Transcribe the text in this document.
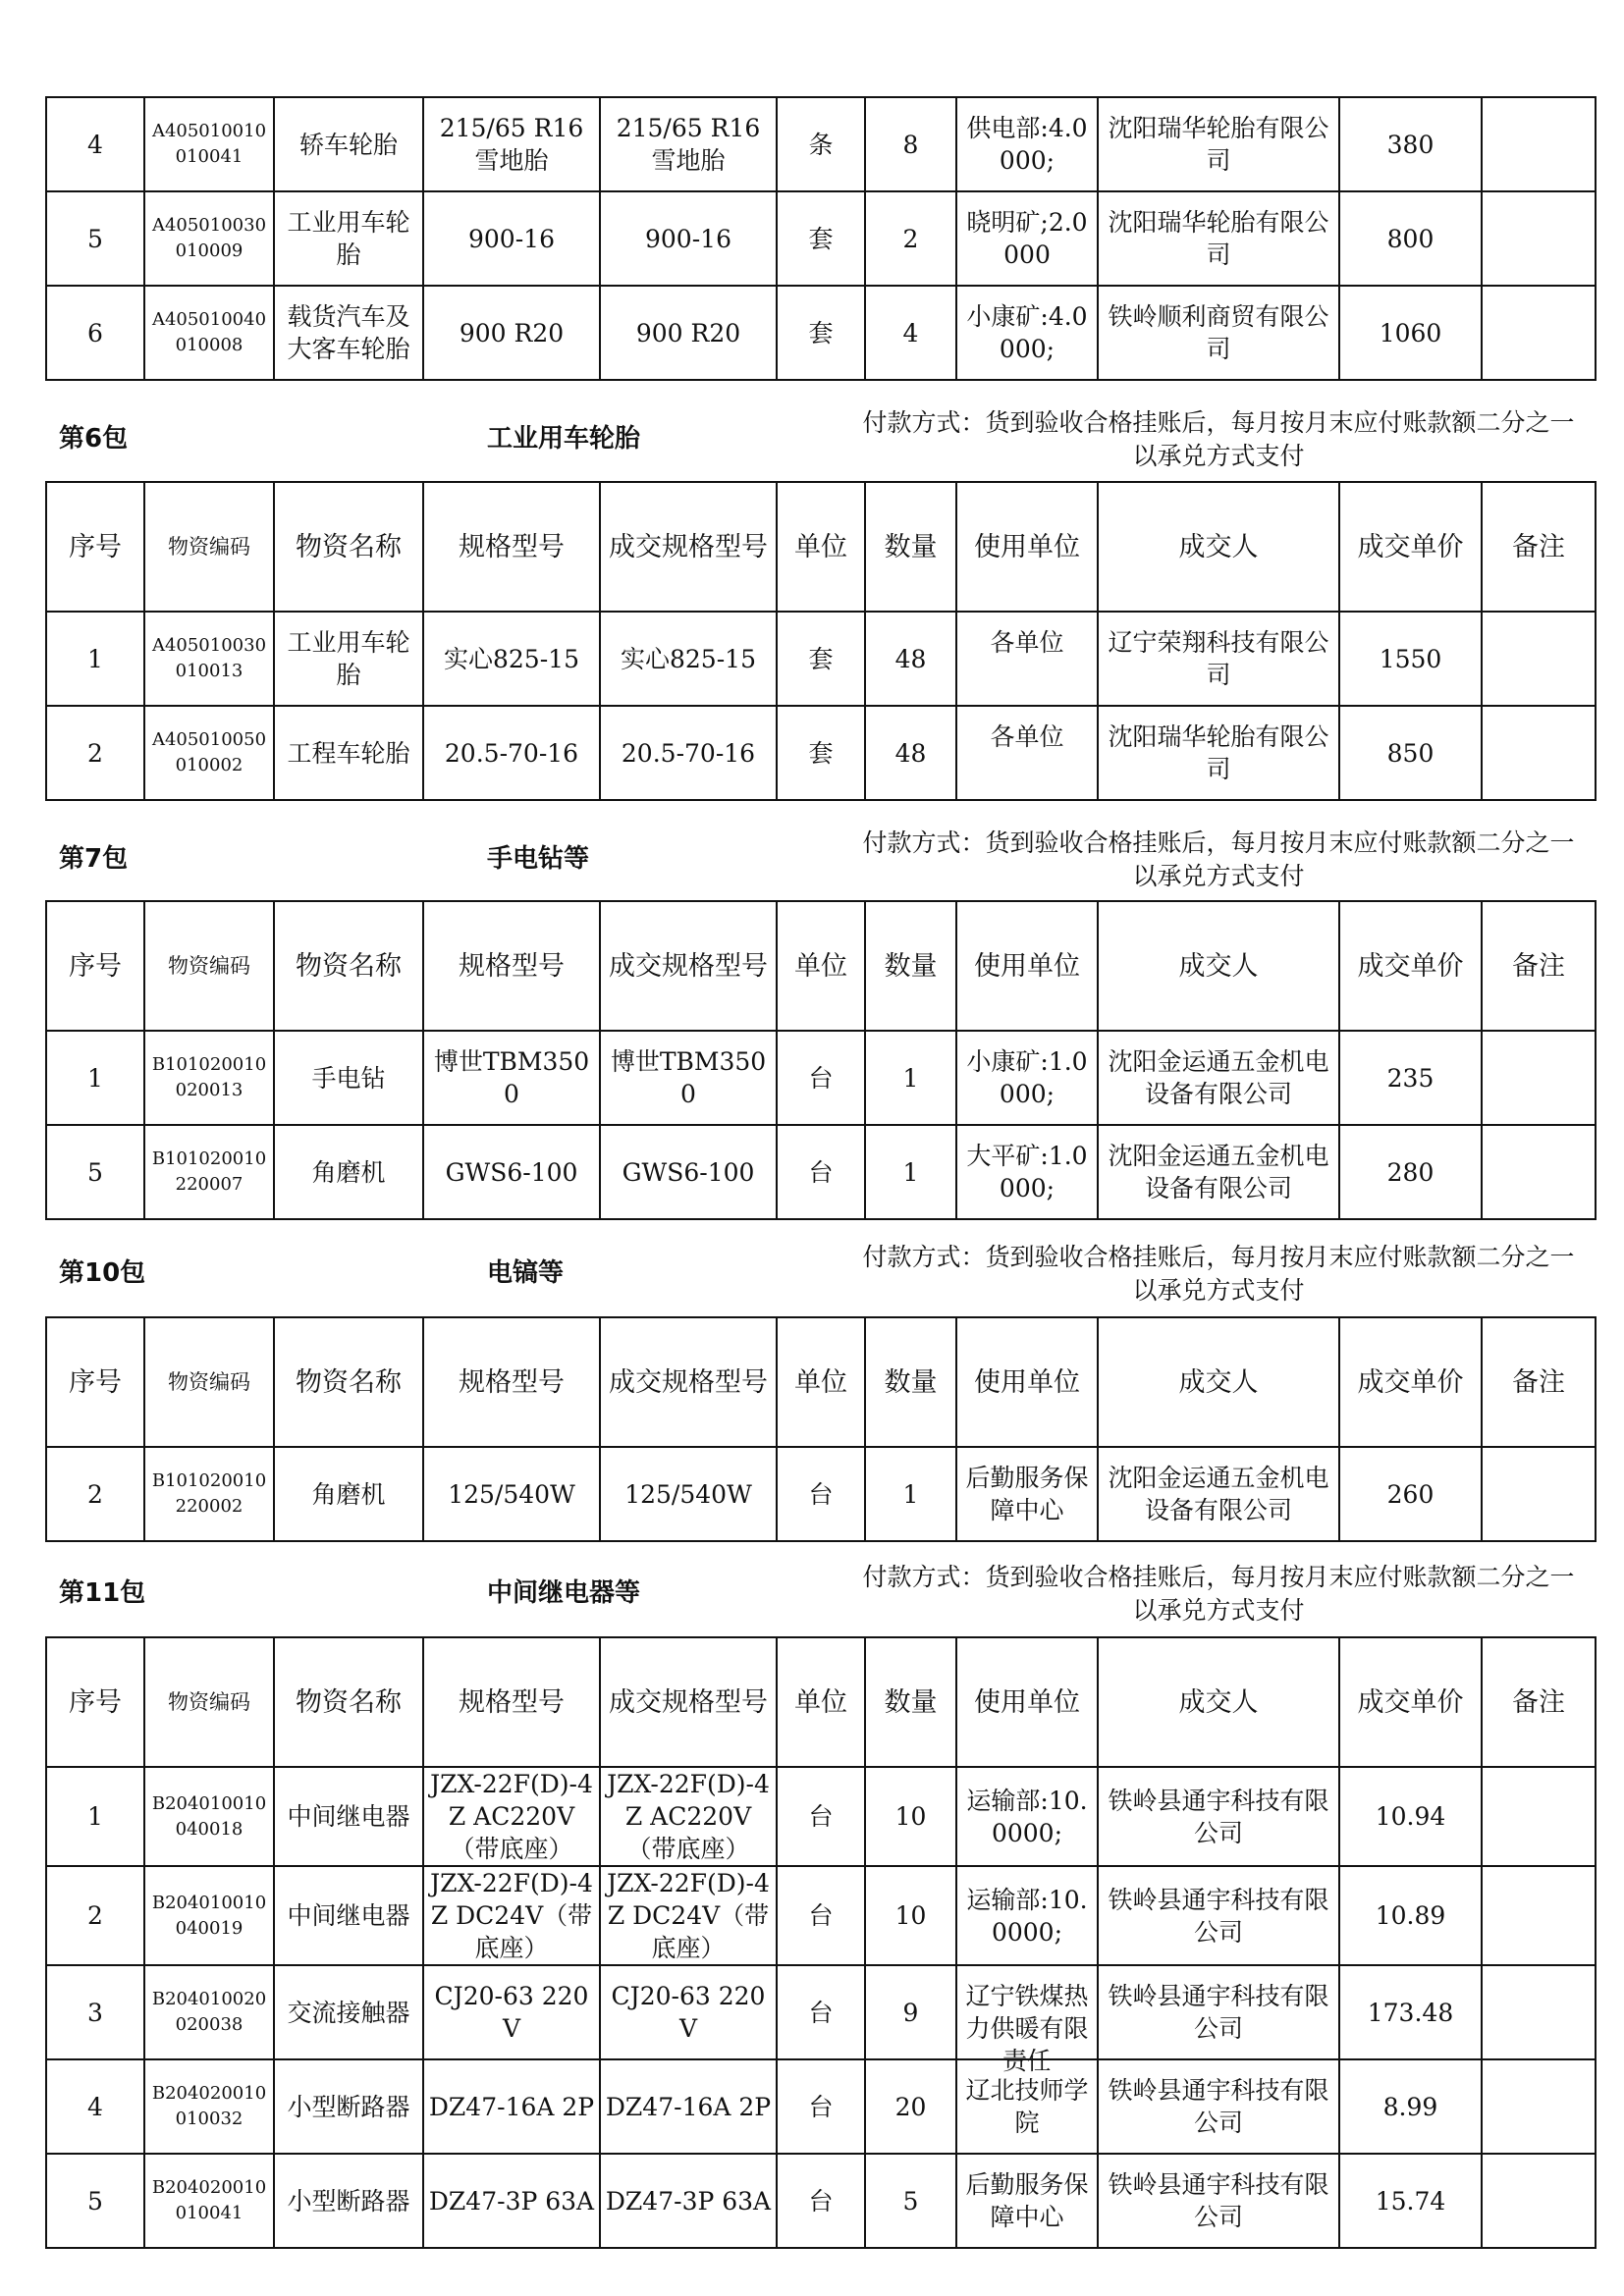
4	A405010010010041	轿车轮胎	215/65 R16雪地胎	215/65 R16雪地胎	条	8	供电部:4.0000;	沈阳瑞华轮胎有限公司	380	
5	A405010030010009	工业用车轮胎	900-16	900-16	套	2	晓明矿;2.0000	沈阳瑞华轮胎有限公司	800	
6	A405010040010008	载货汽车及大客车轮胎	900 R20	900 R20	套	4	小康矿:4.0000;	铁岭顺利商贸有限公司	1060	
第6包	工业用车轮胎
付款方式：货到验收合格挂账后，每月按月末应付账款额二分之一以承兑方式支付
序号	物资编码	物资名称	规格型号	成交规格型号	单位	数量	使用单位	成交人	成交单价	备注
1	A405010030010013	工业用车轮胎	实心825-15	实心825-15	套	48	各单位	辽宁荣翔科技有限公司	1550	
2	A405010050010002	工程车轮胎	20.5-70-16	20.5-70-16	套	48	各单位	沈阳瑞华轮胎有限公司	850	
第7包	手电钻等
付款方式：货到验收合格挂账后，每月按月末应付账款额二分之一以承兑方式支付
序号	物资编码	物资名称	规格型号	成交规格型号	单位	数量	使用单位	成交人	成交单价	备注
1	B101020010020013	手电钻	博世TBM3500	博世TBM3500	台	1	小康矿:1.0000;	沈阳金运通五金机电设备有限公司	235	
5	B101020010220007	角磨机	GWS6-100	GWS6-100	台	1	大平矿:1.0000;	沈阳金运通五金机电设备有限公司	280	
第10包	电镐等
付款方式：货到验收合格挂账后，每月按月末应付账款额二分之一以承兑方式支付
序号	物资编码	物资名称	规格型号	成交规格型号	单位	数量	使用单位	成交人	成交单价	备注
2	B101020010220002	角磨机	125/540W	125/540W	台	1	后勤服务保障中心	沈阳金运通五金机电设备有限公司	260	
第11包	中间继电器等
付款方式：货到验收合格挂账后，每月按月末应付账款额二分之一以承兑方式支付
序号	物资编码	物资名称	规格型号	成交规格型号	单位	数量	使用单位	成交人	成交单价	备注
1	B204010010040018	中间继电器	JZX-22F(D)-4Z AC220V（带底座）	JZX-22F(D)-4Z AC220V（带底座）	台	10	运输部:10.0000;	铁岭县通宇科技有限公司	10.94	
2	B204010010040019	中间继电器	JZX-22F(D)-4Z DC24V（带底座）	JZX-22F(D)-4Z DC24V（带底座）	台	10	运输部:10.0000;	铁岭县通宇科技有限公司	10.89	
3	B204010020020038	交流接触器	CJ20-63 220V	CJ20-63 220V	台	9	辽宁铁煤热力供暖有限责任	铁岭县通宇科技有限公司	173.48	
4	B204020010010032	小型断路器	DZ47-16A 2P	DZ47-16A 2P	台	20	辽北技师学院	铁岭县通宇科技有限公司	8.99	
5	B204020010010041	小型断路器	DZ47-3P 63A	DZ47-3P 63A	台	5	后勤服务保障中心	铁岭县通宇科技有限公司	15.74	
